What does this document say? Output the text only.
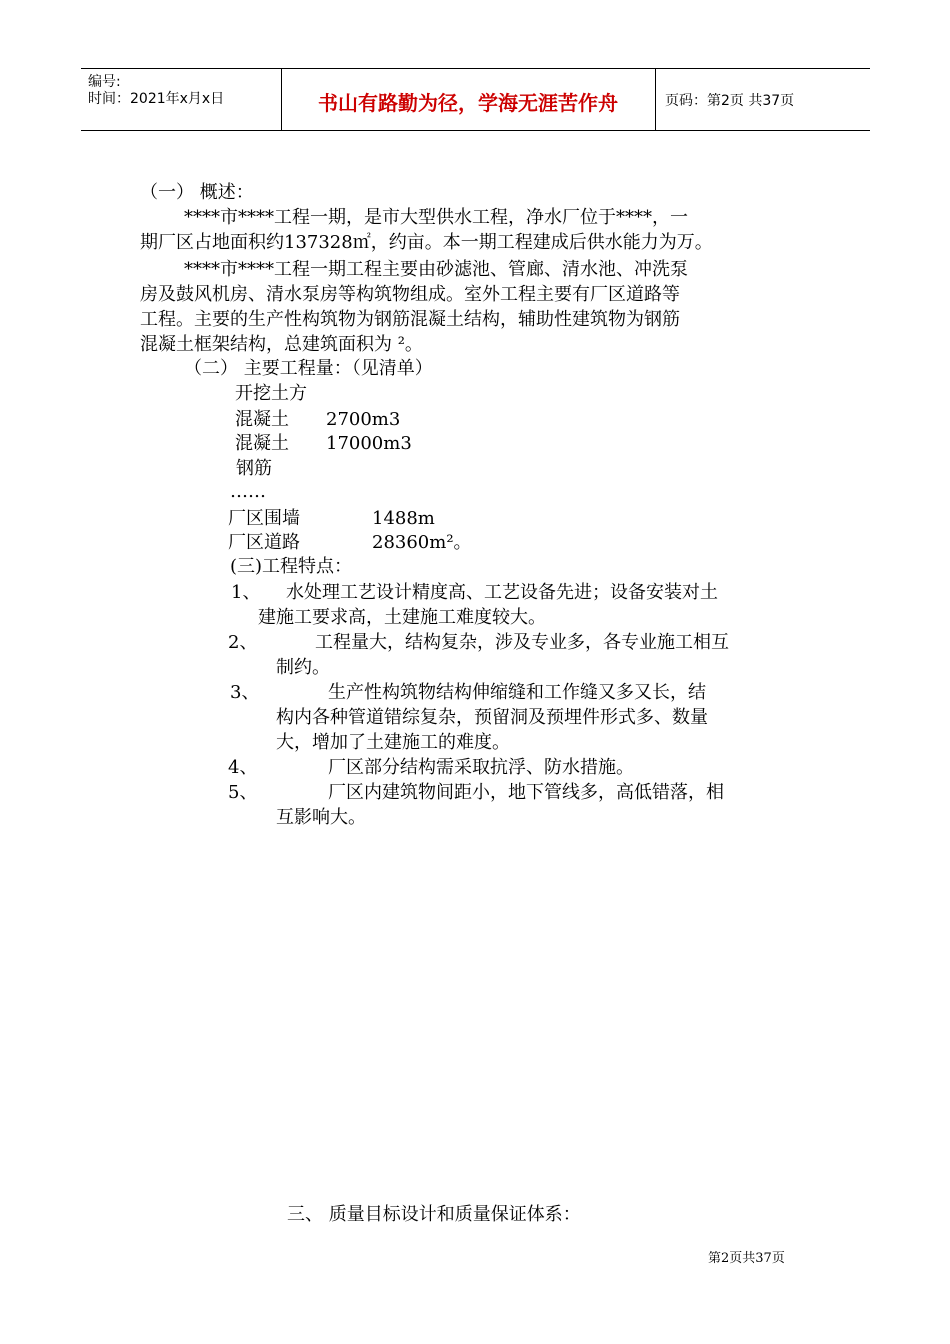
编号:
时间：2021年x月x日	书山有路勤为径，学海无涯苦作舟	页码：第2页 共37页
（一） 概述：
****市****工程一期，是市大型供水工程，净水厂位于****，一
期厂区占地面积约137328㎡，约亩。本一期工程建成后供水能力为万。
****市****工程一期工程主要由砂滤池、管廊、清水池、冲洗泵
房及鼓风机房、清水泵房等构筑物组成。室外工程主要有厂区道路等
工程。主要的生产性构筑物为钢筋混凝土结构，辅助性建筑物为钢筋
混凝土框架结构，总建筑面积为 ²。
（二） 主要工程量：（见清单）
开挖土方
混凝土 2700m3
混凝土 17000m3
钢筋
……
厂区围墙	1488m
厂区道路	28360m²。
(三)工程特点：
1、 水处理工艺设计精度高、工艺设备先进；设备安装对土
建施工要求高，土建施工难度较大。
2、	工程量大，结构复杂，涉及专业多，各专业施工相互
制约。
3、	生产性构筑物结构伸缩缝和工作缝又多又长，结
构内各种管道错综复杂，预留洞及预埋件形式多、数量
大，增加了土建施工的难度。
4、	厂区部分结构需采取抗浮、防水措施。
5、	厂区内建筑物间距小，地下管线多，高低错落，相
互影响大。
三、 质量目标设计和质量保证体系：
第2页共37页
